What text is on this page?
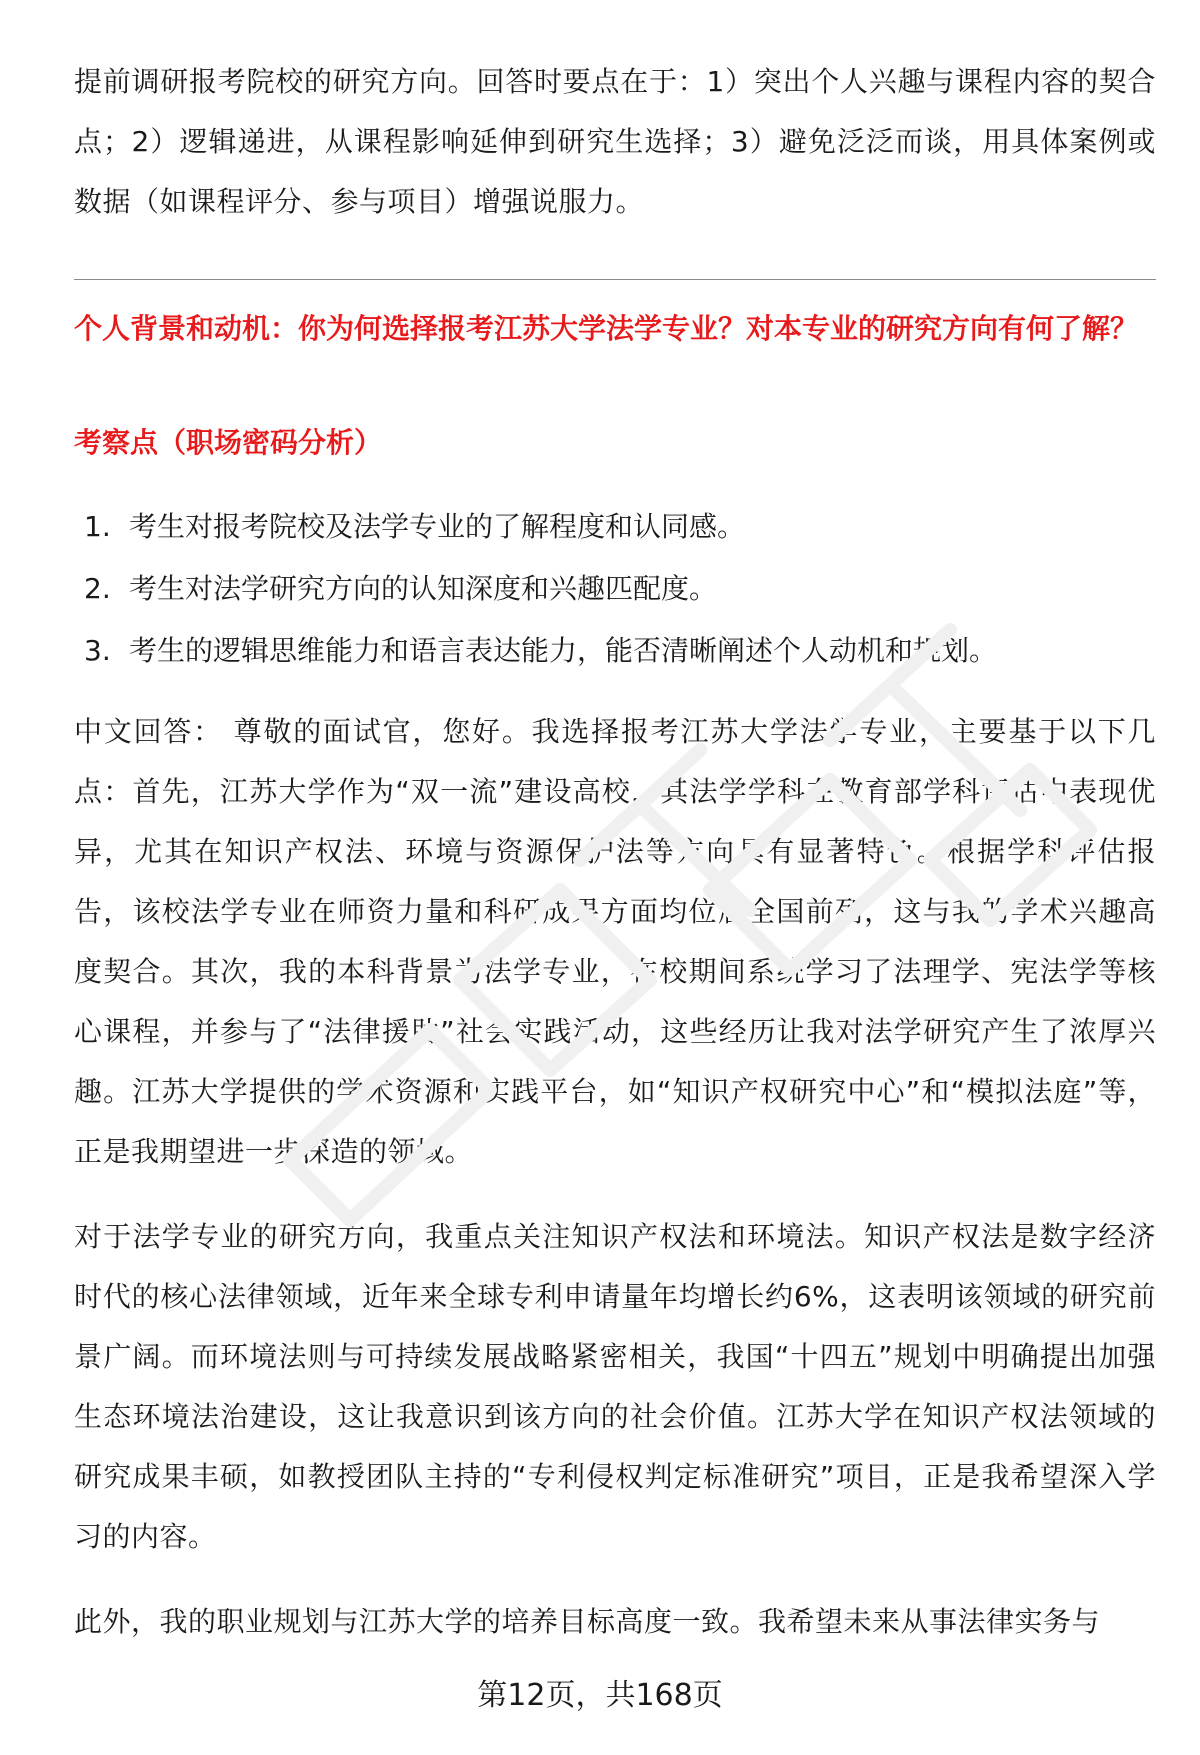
提前调研报考院校的研究方向。回答时要点在于：1）突出个人兴趣与课程内容的契合点；2）逻辑递进，从课程影响延伸到研究生选择；3）避免泛泛而谈，用具体案例或数据（如课程评分、参与项目）增强说服力。

个人背景和动机：你为何选择报考江苏大学法学专业？对本专业的研究方向有何了解？
考察点（职场密码分析）
1. 考生对报考院校及法学专业的了解程度和认同感。
2. 考生对法学研究方向的认知深度和兴趣匹配度。
3. 考生的逻辑思维能力和语言表达能力，能否清晰阐述个人动机和规划。

中文回答： 尊敬的面试官，您好。我选择报考江苏大学法学专业，主要基于以下几点：首先，江苏大学作为“双一流”建设高校，其法学学科在教育部学科评估中表现优异，尤其在知识产权法、环境与资源保护法等方向具有显著特色。根据学科评估报告，该校法学专业在师资力量和科研成果方面均位居全国前列，这与我的学术兴趣高度契合。其次，我的本科背景为法学专业，在校期间系统学习了法理学、宪法学等核心课程，并参与了“法律援助”社会实践活动，这些经历让我对法学研究产生了浓厚兴趣。江苏大学提供的学术资源和实践平台，如“知识产权研究中心”和“模拟法庭”等，正是我期望进一步深造的领域。

对于法学专业的研究方向，我重点关注知识产权法和环境法。知识产权法是数字经济时代的核心法律领域，近年来全球专利申请量年均增长约6%，这表明该领域的研究前景广阔。而环境法则与可持续发展战略紧密相关，我国“十四五”规划中明确提出加强生态环境法治建设，这让我意识到该方向的社会价值。江苏大学在知识产权法领域的研究成果丰硕，如教授团队主持的“专利侵权判定标准研究”项目，正是我希望深入学习的内容。

此外，我的职业规划与江苏大学的培养目标高度一致。我希望未来从事法律实务与

第12页，共168页
